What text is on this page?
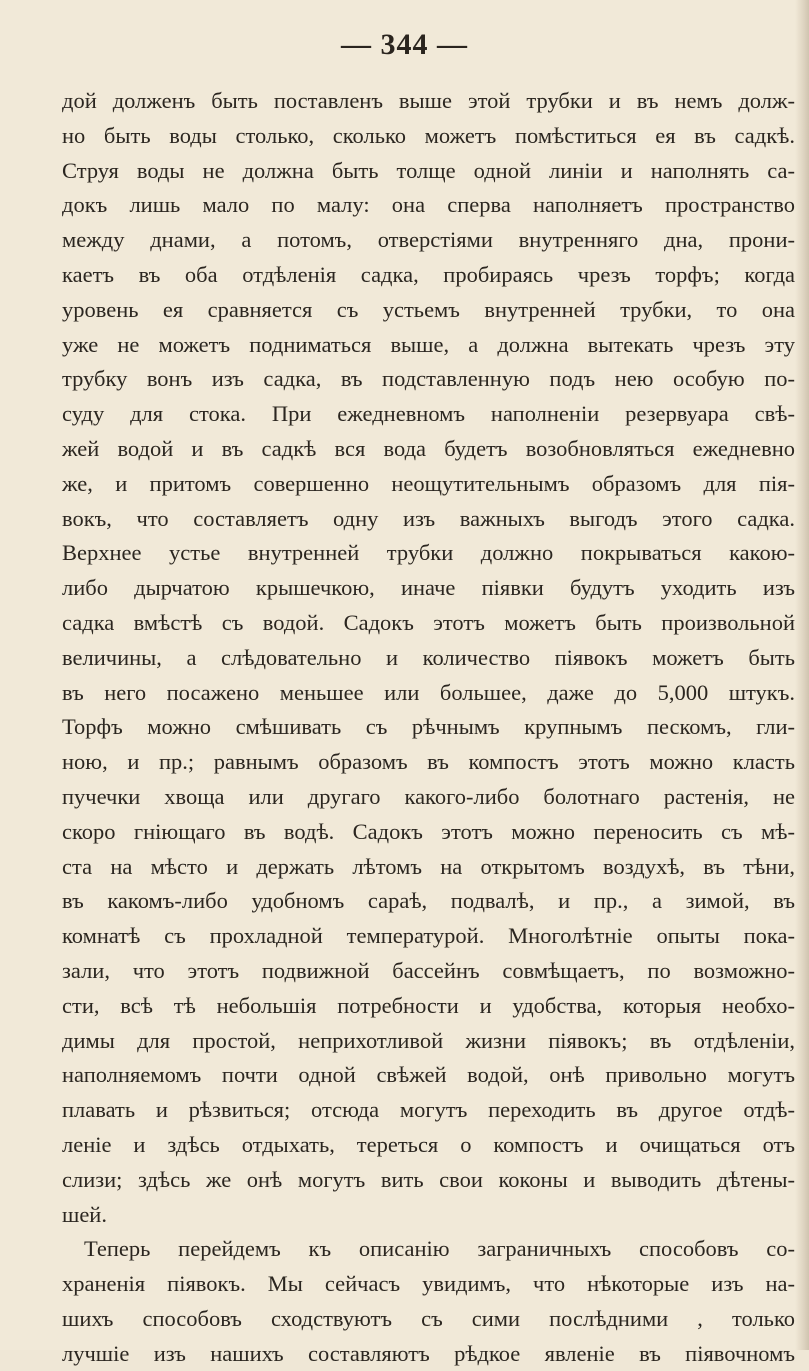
— 344 —
дой долженъ быть поставленъ выше этой трубки и въ немъ долж-
но быть воды столько, сколько можетъ помѣститься ея въ садкѣ.
Струя воды не должна быть толще одной линіи и наполнять са-
докъ лишь мало по малу: она сперва наполняетъ пространство
между днами, а потомъ, отверстіями внутренняго дна, прони-
каетъ въ оба отдѣленія садка, пробираясь чрезъ торфъ; когда
уровень ея сравняется съ устьемъ внутренней трубки, то она
уже не можетъ подниматься выше, а должна вытекать чрезъ эту
трубку вонъ изъ садка, въ подставленную подъ нею особую по-
суду для стока. При ежедневномъ наполненіи резервуара свѣ-
жей водой и въ садкѣ вся вода будетъ возобновляться ежедневно
же, и притомъ совершенно неощутительнымъ образомъ для пія-
вокъ, что составляетъ одну изъ важныхъ выгодъ этого садка.
Верхнее устье внутренней трубки должно покрываться какою-
либо дырчатою крышечкою, иначе піявки будутъ уходить изъ
садка вмѣстѣ съ водой. Садокъ этотъ можетъ быть произвольной
величины, а слѣдовательно и количество піявокъ можетъ быть
въ него посажено меньшее или большее, даже до 5,000 штукъ.
Торфъ можно смѣшивать съ рѣчнымъ крупнымъ пескомъ, гли-
ною, и пр.; равнымъ образомъ въ компостъ этотъ можно класть
пучечки хвоща или другаго какого-либо болотнаго растенія, не
скоро гніющаго въ водѣ. Садокъ этотъ можно переносить съ мѣ-
ста на мѣсто и держать лѣтомъ на открытомъ воздухѣ, въ тѣни,
въ какомъ-либо удобномъ сараѣ, подвалѣ, и пр., а зимой, въ
комнатѣ съ прохладной температурой. Многолѣтніе опыты пока-
зали, что этотъ подвижной бассейнъ совмѣщаетъ, по возможно-
сти, всѣ тѣ небольшія потребности и удобства, которыя необхо-
димы для простой, неприхотливой жизни піявокъ; въ отдѣленіи,
наполняемомъ почти одной свѣжей водой, онѣ привольно могутъ
плавать и рѣзвиться; отсюда могутъ переходить въ другое отдѣ-
леніе и здѣсь отдыхать, тереться о компостъ и очищаться отъ
слизи; здѣсь же онѣ могутъ вить свои коконы и выводить дѣтены-
шей.
Теперь перейдемъ къ описанію заграничныхъ способовъ со-
храненія піявокъ. Мы сейчасъ увидимъ, что нѣкоторые изъ на-
шихъ способовъ сходствуютъ съ сими послѣдними , только
лучшіе изъ нашихъ составляютъ рѣдкое явленіе въ піявочномъ
